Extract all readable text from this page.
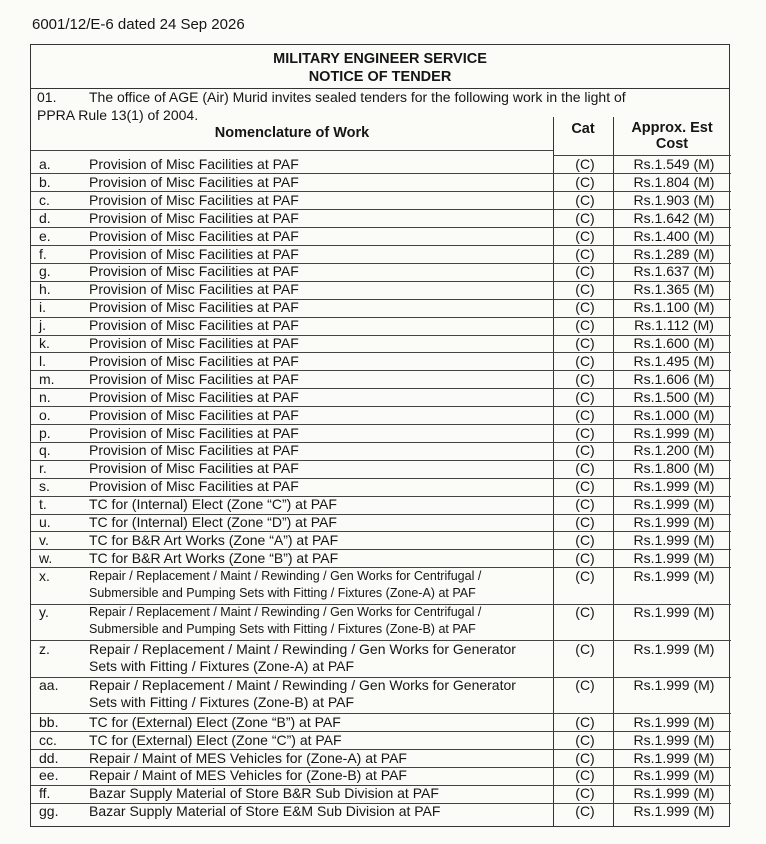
6001/12/E-6 dated 24 Sep 2026
MILITARY ENGINEER SERVICE
NOTICE OF TENDER
01. The office of AGE (Air) Murid invites sealed tenders for the following work in the light of
PPRA Rule 13(1) of 2004.
Nomenclature of Work	Cat	Approx. Est
Cost
a.	Provision of Misc Facilities at PAF	(C)	Rs.1.549 (M)
b.	Provision of Misc Facilities at PAF	(C)	Rs.1.804 (M)
c.	Provision of Misc Facilities at PAF	(C)	Rs.1.903 (M)
d.	Provision of Misc Facilities at PAF	(C)	Rs.1.642 (M)
e.	Provision of Misc Facilities at PAF	(C)	Rs.1.400 (M)
f.	Provision of Misc Facilities at PAF	(C)	Rs.1.289 (M)
g.	Provision of Misc Facilities at PAF	(C)	Rs.1.637 (M)
h.	Provision of Misc Facilities at PAF	(C)	Rs.1.365 (M)
i.	Provision of Misc Facilities at PAF	(C)	Rs.1.100 (M)
j.	Provision of Misc Facilities at PAF	(C)	Rs.1.112 (M)
k.	Provision of Misc Facilities at PAF	(C)	Rs.1.600 (M)
l.	Provision of Misc Facilities at PAF	(C)	Rs.1.495 (M)
m.	Provision of Misc Facilities at PAF	(C)	Rs.1.606 (M)
n.	Provision of Misc Facilities at PAF	(C)	Rs.1.500 (M)
o.	Provision of Misc Facilities at PAF	(C)	Rs.1.000 (M)
p.	Provision of Misc Facilities at PAF	(C)	Rs.1.999 (M)
q.	Provision of Misc Facilities at PAF	(C)	Rs.1.200 (M)
r.	Provision of Misc Facilities at PAF	(C)	Rs.1.800 (M)
s.	Provision of Misc Facilities at PAF	(C)	Rs.1.999 (M)
t.	TC for (Internal) Elect (Zone “C”) at PAF	(C)	Rs.1.999 (M)
u.	TC for (Internal) Elect (Zone “D”) at PAF	(C)	Rs.1.999 (M)
v.	TC for B&R Art Works (Zone “A”) at PAF	(C)	Rs.1.999 (M)
w.	TC for B&R Art Works (Zone “B”) at PAF	(C)	Rs.1.999 (M)
x.	Repair / Replacement / Maint / Rewinding / Gen Works for Centrifugal /
Submersible and Pumping Sets with Fitting / Fixtures (Zone-A) at PAF
(C)	Rs.1.999 (M)
y.	Repair / Replacement / Maint / Rewinding / Gen Works for Centrifugal /
Submersible and Pumping Sets with Fitting / Fixtures (Zone-B) at PAF
(C)	Rs.1.999 (M)
z.	Repair / Replacement / Maint / Rewinding / Gen Works for Generator
Sets with Fitting / Fixtures (Zone-A) at PAF
(C)	Rs.1.999 (M)
aa.	Repair / Replacement / Maint / Rewinding / Gen Works for Generator
Sets with Fitting / Fixtures (Zone-B) at PAF
(C)	Rs.1.999 (M)
bb.	TC for (External) Elect (Zone “B”) at PAF	(C)	Rs.1.999 (M)
cc.	TC for (External) Elect (Zone “C”) at PAF	(C)	Rs.1.999 (M)
dd.	Repair / Maint of MES Vehicles for (Zone-A) at PAF	(C)	Rs.1.999 (M)
ee.	Repair / Maint of MES Vehicles for (Zone-B) at PAF	(C)	Rs.1.999 (M)
ff.	Bazar Supply Material of Store B&R Sub Division at PAF	(C)	Rs.1.999 (M)
gg.	Bazar Supply Material of Store E&M Sub Division at PAF	(C)	Rs.1.999 (M)
